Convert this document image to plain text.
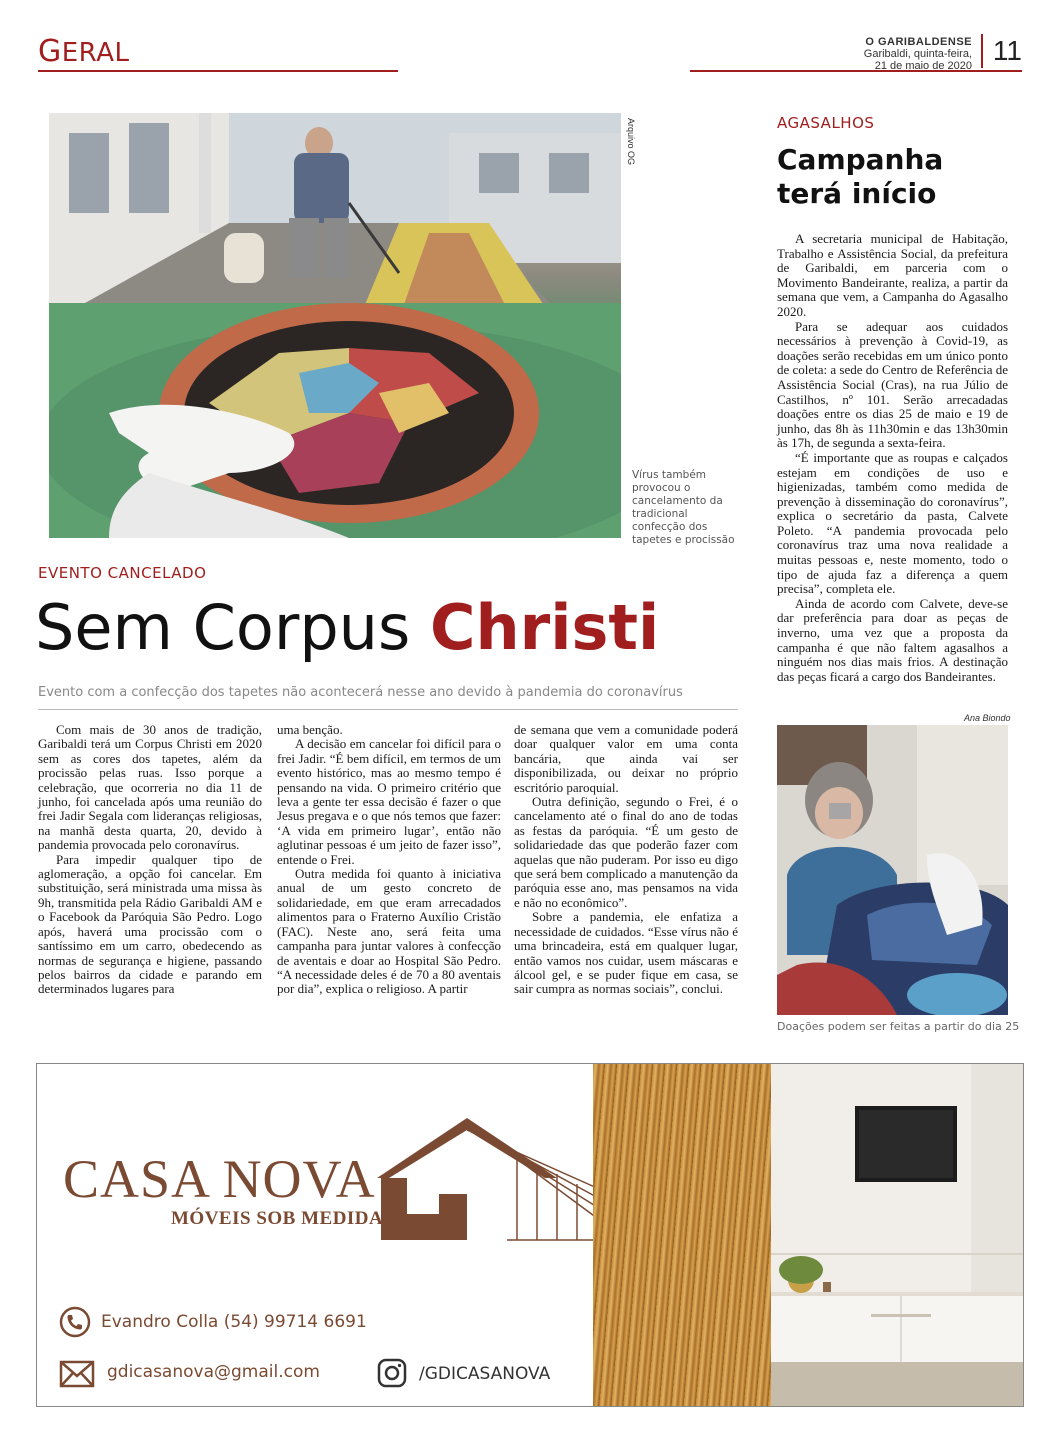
GERAL	O GARIBALDENSE
Garibaldi, quinta-feira,
21 de maio de 2020 11
Arquivo OG
Vírus também provocou o cancelamento da tradicional confecção dos tapetes e procissão
EVENTO CANCELADO
Sem Corpus Christi
Evento com a confecção dos tapetes não acontecerá nesse ano devido à pandemia do coronavírus

Com mais de 30 anos de tradição, Garibaldi terá um Corpus Christi em 2020 sem as cores dos tapetes, além da procissão pelas ruas. Isso porque a celebração, que ocorreria no dia 11 de junho, foi cancelada após uma reunião do frei Jadir Segala com lideranças religiosas, na manhã desta quarta, 20, devido à pandemia provocada pelo coronavírus.

Para impedir qualquer tipo de aglomeração, a opção foi cancelar. Em substituição, será ministrada uma missa às 9h, transmitida pela Rádio Garibaldi AM e o Facebook da Paróquia São Pedro. Logo após, haverá uma procissão com o santíssimo em um carro, obedecendo as normas de segurança e higiene, passando pelos bairros da cidade e parando em determinados lugares para

uma benção.

A decisão em cancelar foi difícil para o frei Jadir. “É bem difícil, em termos de um evento histórico, mas ao mesmo tempo é pensando na vida. O primeiro critério que leva a gente ter essa decisão é fazer o que Jesus pregava e o que nós temos que fazer: ‘A vida em primeiro lugar’, então não aglutinar pessoas é um jeito de fazer isso”, entende o Frei.

Outra medida foi quanto à iniciativa anual de um gesto concreto de solidariedade, em que eram arrecadados alimentos para o Fraterno Auxílio Cristão (FAC). Neste ano, será feita uma campanha para juntar valores à confecção de aventais e doar ao Hospital São Pedro. “A necessidade deles é de 70 a 80 aventais por dia”, explica o religioso. A partir

de semana que vem a comunidade poderá doar qualquer valor em uma conta bancária, que ainda vai ser disponibilizada, ou deixar no próprio escritório paroquial.

Outra definição, segundo o Frei, é o cancelamento até o final do ano de todas as festas da paróquia. “É um gesto de solidariedade das que poderão fazer com aquelas que não puderam. Por isso eu digo que será bem complicado a manutenção da paróquia esse ano, mas pensamos na vida e não no econômico”.

Sobre a pandemia, ele enfatiza a necessidade de cuidados. “Esse vírus não é uma brincadeira, está em qualquer lugar, então vamos nos cuidar, usem máscaras e álcool gel, e se puder fique em casa, se sair cumpra as normas sociais”, conclui.

AGASALHOS
Campanha terá início

A secretaria municipal de Habitação, Trabalho e Assistência Social, da prefeitura de Garibaldi, em parceria com o Movimento Bandeirante, realiza, a partir da semana que vem, a Campanha do Agasalho 2020.

Para se adequar aos cuidados necessários à prevenção à Covid-19, as doações serão recebidas em um único ponto de coleta: a sede do Centro de Referência de Assistência Social (Cras), na rua Júlio de Castilhos, nº 101. Serão arrecadadas doações entre os dias 25 de maio e 19 de junho, das 8h às 11h30min e das 13h30min às 17h, de segunda a sexta-feira.

“É importante que as roupas e calçados estejam em condições de uso e higienizadas, também como medida de prevenção à disseminação do coronavírus”, explica o secretário da pasta, Calvete Poleto. “A pandemia provocada pelo coronavírus traz uma nova realidade a muitas pessoas e, neste momento, todo o tipo de ajuda faz a diferença a quem precisa”, completa ele.

Ainda de acordo com Calvete, deve-se dar preferência para doar as peças de inverno, uma vez que a proposta da campanha é que não faltem agasalhos a ninguém nos dias mais frios. A destinação das peças ficará a cargo dos Bandeirantes.

Ana Biondo
Doações podem ser feitas a partir do dia 25
CASA NOVA
MÓVEIS SOB MEDIDA
Evandro Colla (54) 99714 6691
gdicasanova@gmail.com	/GDICASANOVA
